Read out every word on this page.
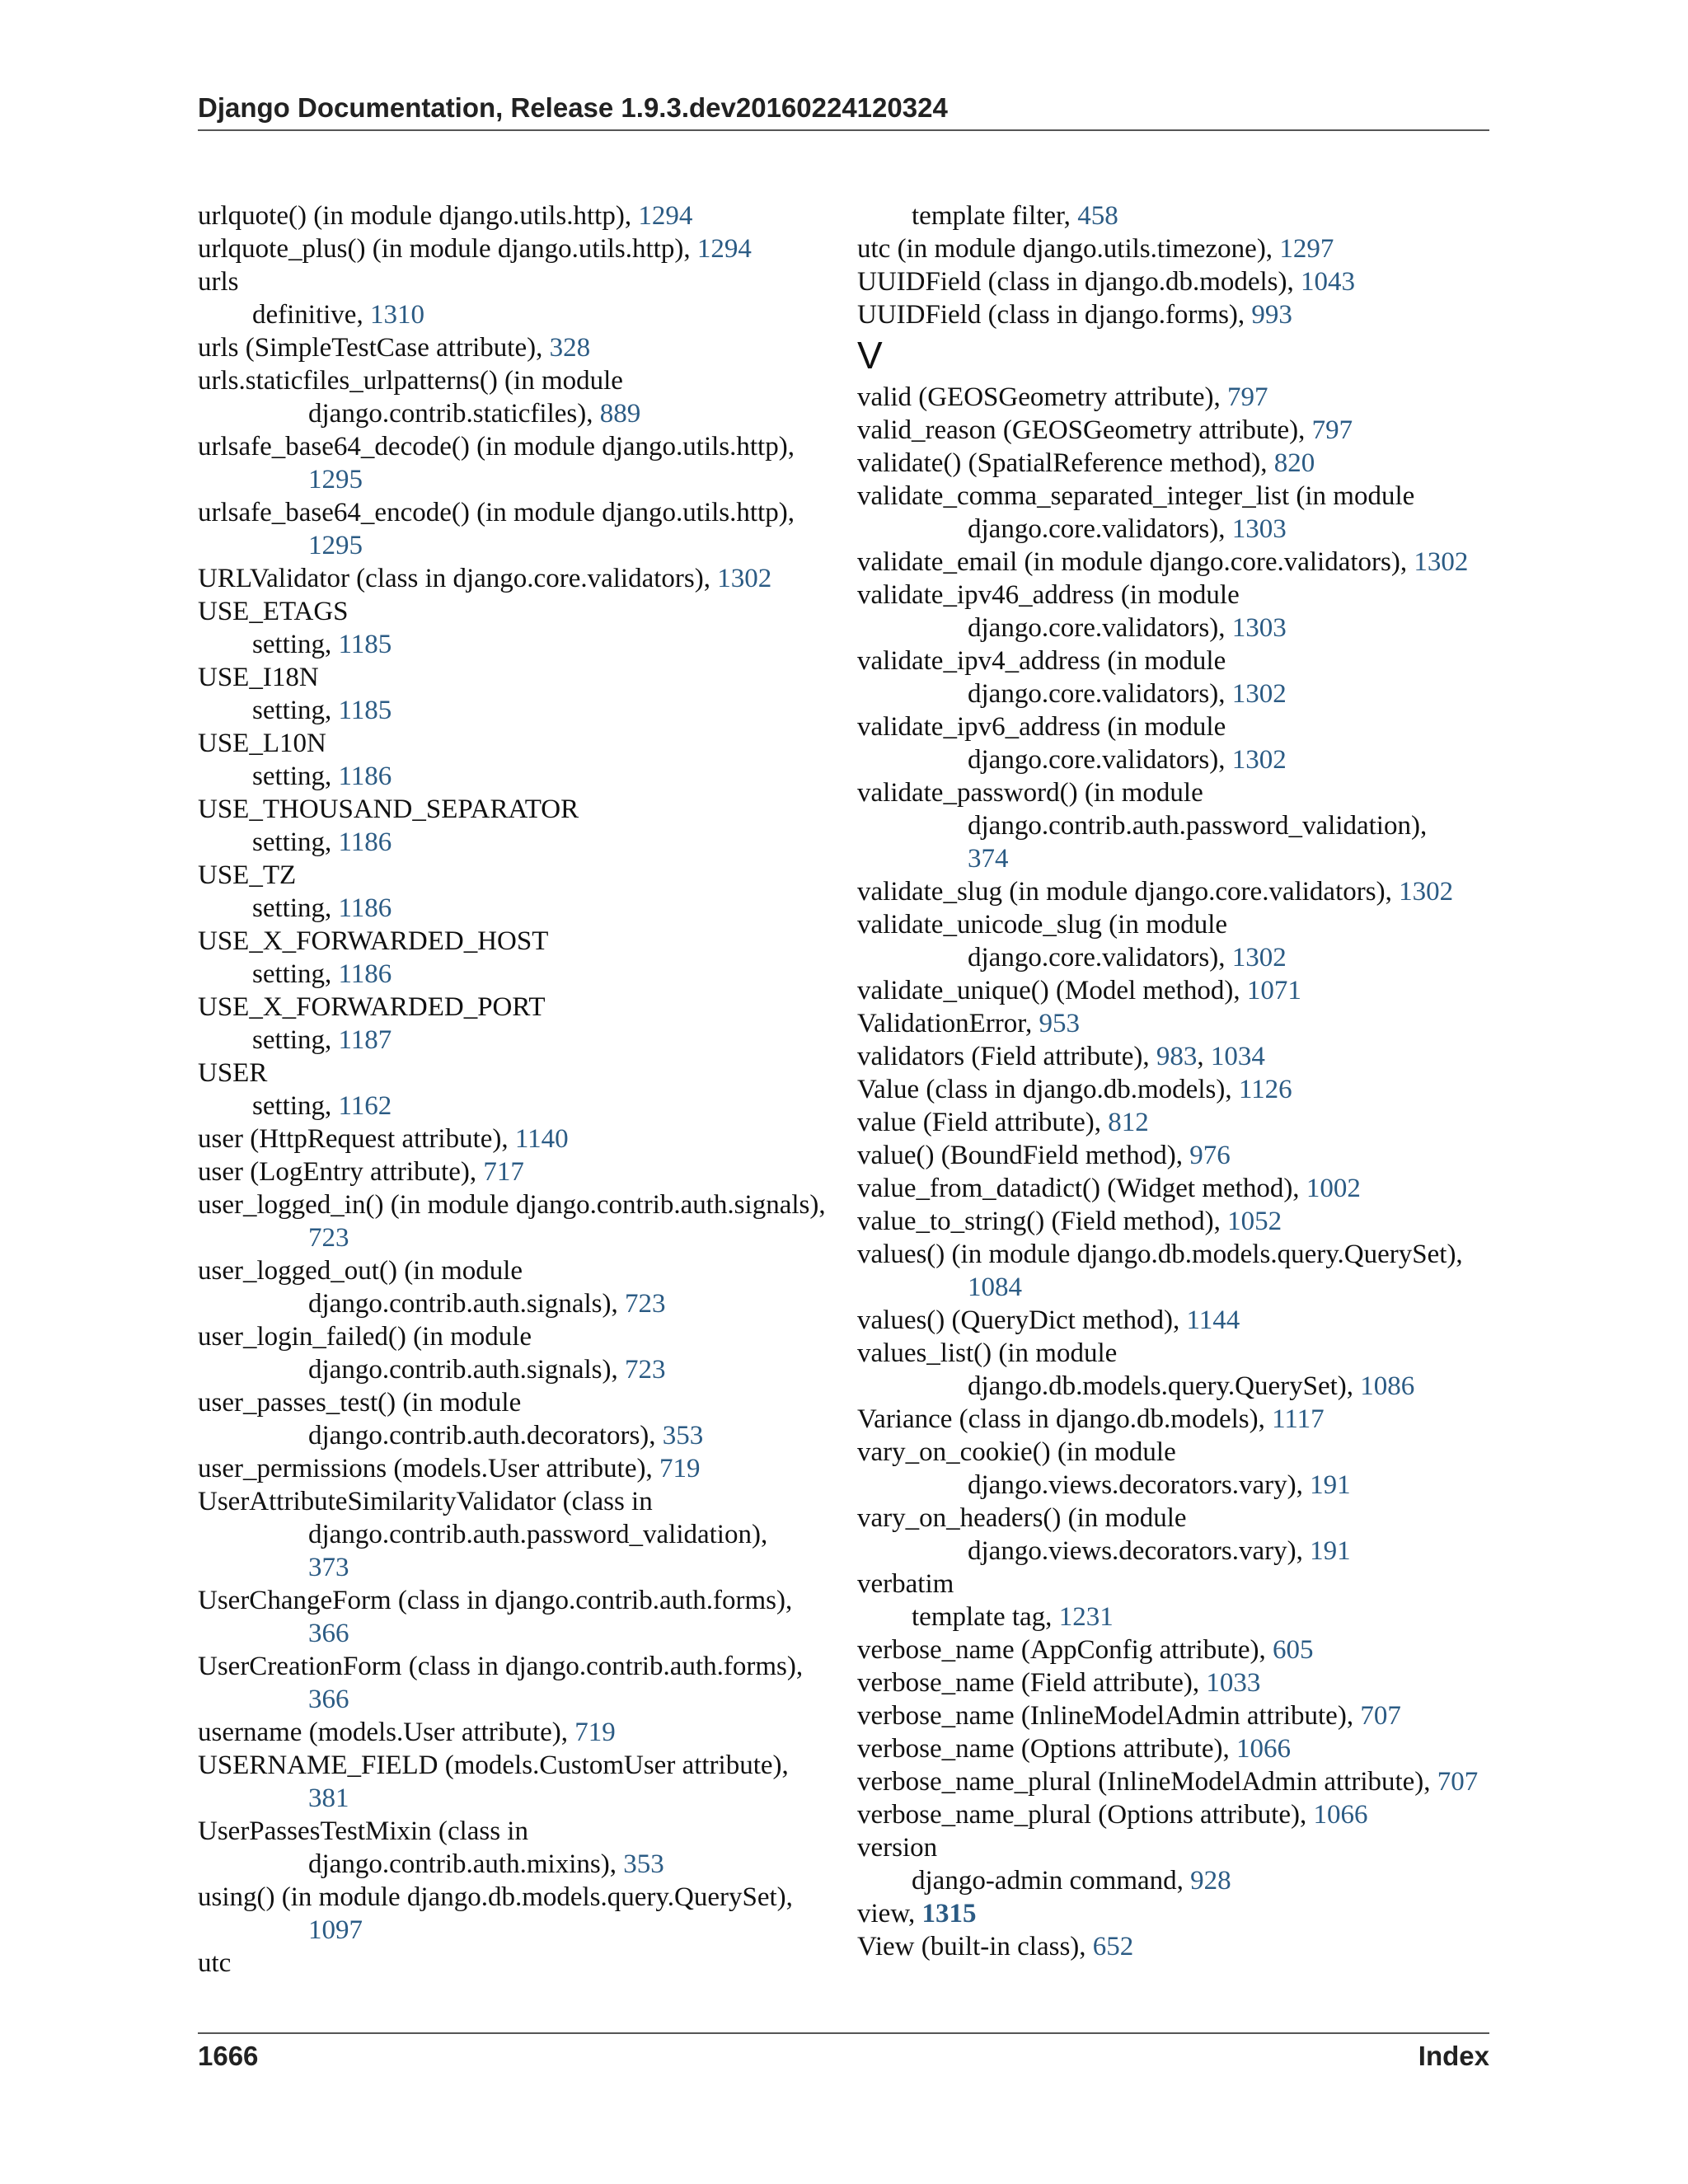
Django Documentation, Release 1.9.3.dev20160224120324
urlquote() (in module django.utils.http), 1294
urlquote_plus() (in module django.utils.http), 1294
urls
definitive, 1310
urls (SimpleTestCase attribute), 328
urls.staticfiles_urlpatterns() (in module
django.contrib.staticfiles), 889
urlsafe_base64_decode() (in module django.utils.http),
1295
urlsafe_base64_encode() (in module django.utils.http),
1295
URLValidator (class in django.core.validators), 1302
USE_ETAGS
setting, 1185
USE_I18N
setting, 1185
USE_L10N
setting, 1186
USE_THOUSAND_SEPARATOR
setting, 1186
USE_TZ
setting, 1186
USE_X_FORWARDED_HOST
setting, 1186
USE_X_FORWARDED_PORT
setting, 1187
USER
setting, 1162
user (HttpRequest attribute), 1140
user (LogEntry attribute), 717
user_logged_in() (in module django.contrib.auth.signals),
723
user_logged_out() (in module
django.contrib.auth.signals), 723
user_login_failed() (in module
django.contrib.auth.signals), 723
user_passes_test() (in module
django.contrib.auth.decorators), 353
user_permissions (models.User attribute), 719
UserAttributeSimilarityValidator (class in
django.contrib.auth.password_validation),
373
UserChangeForm (class in django.contrib.auth.forms),
366
UserCreationForm (class in django.contrib.auth.forms),
366
username (models.User attribute), 719
USERNAME_FIELD (models.CustomUser attribute),
381
UserPassesTestMixin (class in
django.contrib.auth.mixins), 353
using() (in module django.db.models.query.QuerySet),
1097
utc
template filter, 458
utc (in module django.utils.timezone), 1297
UUIDField (class in django.db.models), 1043
UUIDField (class in django.forms), 993
V
valid (GEOSGeometry attribute), 797
valid_reason (GEOSGeometry attribute), 797
validate() (SpatialReference method), 820
validate_comma_separated_integer_list (in module
django.core.validators), 1303
validate_email (in module django.core.validators), 1302
validate_ipv46_address (in module
django.core.validators), 1303
validate_ipv4_address (in module
django.core.validators), 1302
validate_ipv6_address (in module
django.core.validators), 1302
validate_password() (in module
django.contrib.auth.password_validation),
374
validate_slug (in module django.core.validators), 1302
validate_unicode_slug (in module
django.core.validators), 1302
validate_unique() (Model method), 1071
ValidationError, 953
validators (Field attribute), 983, 1034
Value (class in django.db.models), 1126
value (Field attribute), 812
value() (BoundField method), 976
value_from_datadict() (Widget method), 1002
value_to_string() (Field method), 1052
values() (in module django.db.models.query.QuerySet),
1084
values() (QueryDict method), 1144
values_list() (in module
django.db.models.query.QuerySet), 1086
Variance (class in django.db.models), 1117
vary_on_cookie() (in module
django.views.decorators.vary), 191
vary_on_headers() (in module
django.views.decorators.vary), 191
verbatim
template tag, 1231
verbose_name (AppConfig attribute), 605
verbose_name (Field attribute), 1033
verbose_name (InlineModelAdmin attribute), 707
verbose_name (Options attribute), 1066
verbose_name_plural (InlineModelAdmin attribute), 707
verbose_name_plural (Options attribute), 1066
version
django-admin command, 928
view, 1315
View (built-in class), 652
1666	Index
